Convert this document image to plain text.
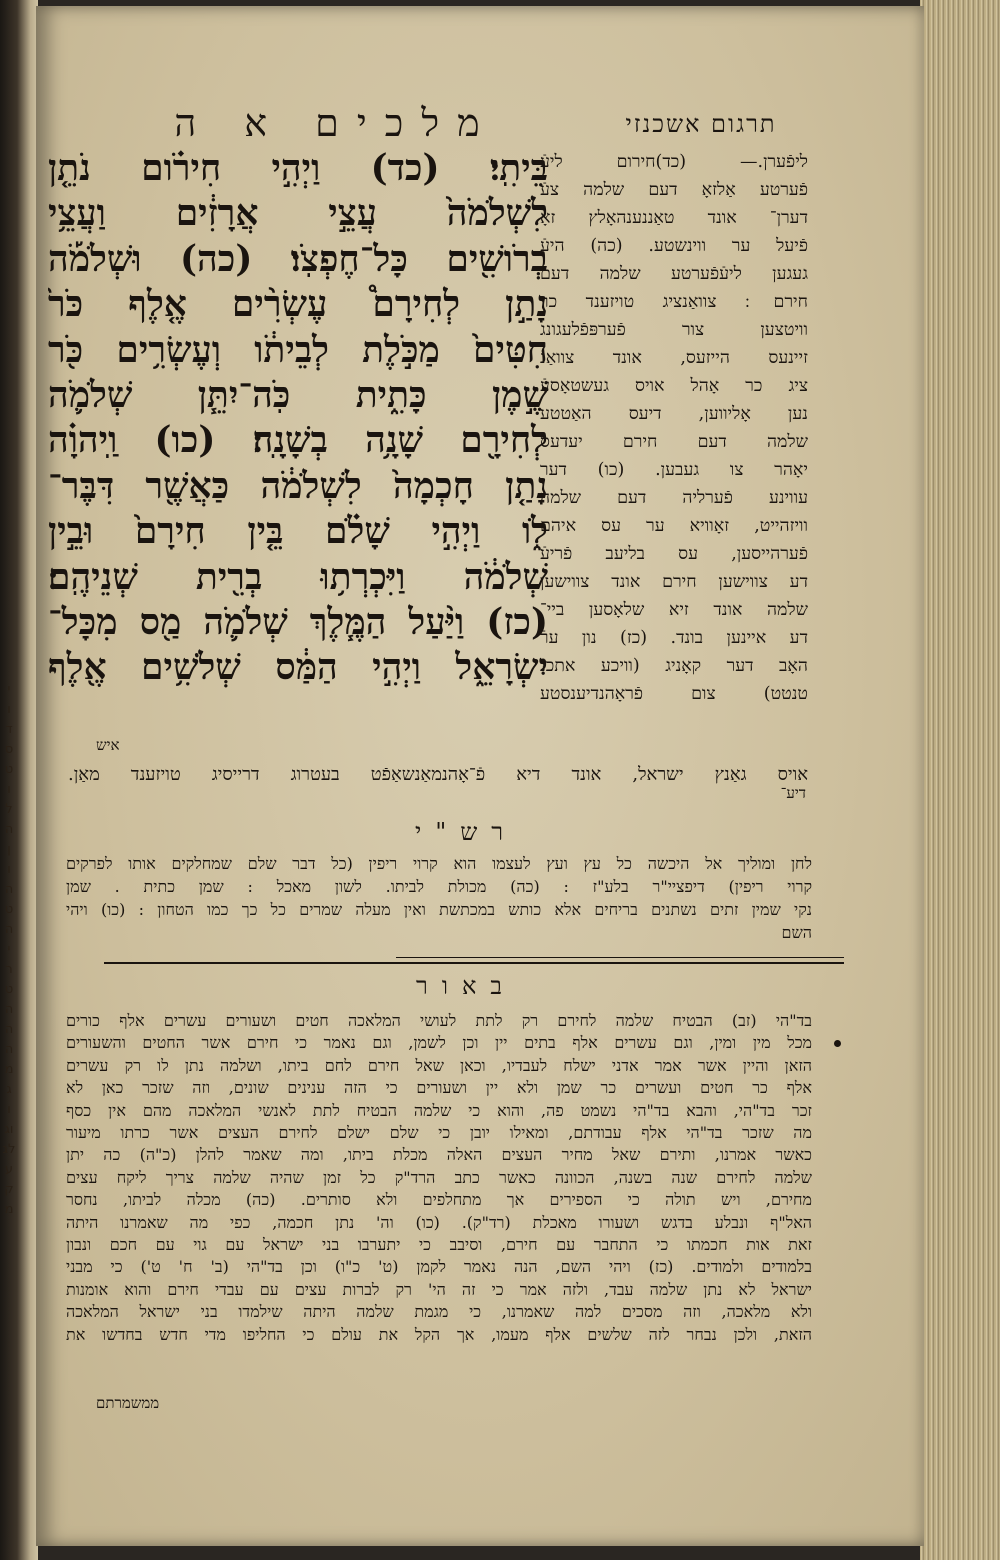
י
ו
ד
ס
ט
ו
ל
ה
ן
ו
ה
ט
ה
י
ר
ט
ה
ה
ה
מ
ג
ו
וג
לג
ע
ק
מ
מלכים א ה	תרגום אשכנזי
בֵּיתִֽי׃ (כד) וַיְהִ֣י חִירֹ֗ום נֹתֵ֤ן
לִשְׁלֹמֹה֙ עֲצֵ֣י אֲרָזִ֔ים וַעֲצֵ֥י
בְרֹושִׁ֖ים כָּל־חֶפְצֹֽו׃ (כה) וּשְׁלֹמֹ֡ה
נָתַ֣ן לְחִירָם֩ עֶשְׂרִ֨ים אֶ֤לֶף כֹּר֙
חִטִּים֙ מַכֹּ֣לֶת לְבֵיתֹ֔ו וְעֶשְׂרִ֥ים כֹּ֖ר
שֶׁ֣מֶן כָּתִ֑ית כֹּֽה־יִתֵּ֧ן שְׁלֹמֹ֛ה
לְחִירָ֖ם שָׁנָ֥ה בְשָׁנָֽה׃ (כו) וַֽיהוָ֗ה
נָתַ֤ן חָכְמָה֙ לִשְׁלֹמֹ֔ה כַּאֲשֶׁ֖ר דִּבֶּר־
לֹ֑ו וַיְהִ֣י שָׁלֹ֗ם בֵּ֤ין חִירָם֙ וּבֵ֣ין
שְׁלֹמֹ֔ה וַיִּכְרְת֥וּ בְרִ֖ית שְׁנֵיהֶֽם׃
(כז) וַיַּ֨עַל הַמֶּ֧לֶךְ שְׁלֹמֹ֛ה מַ֖ס מִכָּל־
יִשְׂרָאֵ֑ל וַיְהִ֣י הַמַּ֔ס שְׁלֹשִׁ֥ים אֶ֖לֶף
איש
ליפֿערן.— (כד)חירום ליעֿ
פֿערטע אַלזאָ דעם שלמה צעֿ
דערן־ אונד טאַננענהאָלץ זאָ
פֿיעל ער ווינשטע. (כה) היעֿ
געגען ליעֿפֿערטע שלמה דעם
חירם ׃ צוואַנציג טויזענד כר
וויטצען צור פֿערפּפֿלעגונג
זיינעס הייזעס, אונד צוואַנֿ
ציג כר אָהל אויס געשטאָסעֿ
נען אָליווען, דיעס האַטטע
שלמה דעם חירם יעדעס
יאָהר צו געבען. (כו) דער
עווינע פֿערליה דעם שלמה
וויזהייט, זאָוויא ער עס איהם
פֿערהייסען, עס בליעב פֿריעֿ
דע צווישען חירם אונד צווישען
שלמה אונד זיא שלאָסען ביי־
דע איינען בונד. (כז) נון ערֿ
האָב דער קאָניג (וויכע אתכנֿ
טנטט) צום פֿראָהנדיענסטע
אויס גאַנץ ישראל, אונד דיא פֿ־אָהנמאַנשאַפֿט בעטרוג דרייסיג טויזענד מאַן.
דיע־
רש"י
לחן ומוליך אל היכשה כל עץ ועץ לעצמו הוא קרוי ריפין (כל דבר שלם שמחלקים אותו לפרקים
קרוי ריפין) דיפציי"ר בלע"ז : (כה) מכולת לביתו. לשון מאכל : שמן כתית . שמן
נקי שמין זתים נשתנים בריחים אלא כותש במכתשת ואין מעלה שמרים כל כך כמו הטחון : (כו) ויהי
השם
באור
בד"הי (זב) הבטיח שלמה לחירם רק לתת לעושי המלאכה חטים ושעורים עשרים אלף כורים
מכל מין ומין, וגם עשרים אלף בתים יין וכן לשמן, וגם נאמר כי חירם אשר החטים והשעורים
הזאן והיין אשר אמר אדני ישלח לעבדיו, וכאן שאל חירם לחם ביתו, ושלמה נתן לו רק עשרים
אלף כר חטים ועשרים כר שמן ולא יין ושעורים כי הזה ענינים שונים, וזה שזכר כאן לא
זכר בד"הי, והבא בד"הי נשמט פה, והוא כי שלמה הבטיח לתת לאנשי המלאכה מהם אין כסף
מה שזכר בד"הי אלף עבודתם, ומאילו יובן כי שלם ישלם לחירם העצים אשר כרתו מיעור
כאשר אמרנו, ותירם שאל מחיר העצים האלה מכלת ביתו, ומה שאמר להלן (כ"ה) כה יתן
שלמה לחירם שנה בשנה, הכוונה כאשר כתב הרד"ק כל זמן שהיה שלמה צריך ליקח עצים
מחירם, ויש תולה כי הספירים אך מתחלפים ולא סותרים. (כה) מכלה לביתו, נחסר
האל"ף ונבלע בדגש ושעורו מאכלת (רד"ק). (כו) וה' נתן חכמה, כפי מה שאמרנו היתה
זאת אות חכמתו כי התחבר עם חירם, וסיבב כי יתערבו בני ישראל עם גוי עם חכם ונבון
בלמודים ולמודים. (כז) ויהי השם, הנה נאמר לקמן (ט' כ"ו) וכן בד"הי (ב' ח' ט') כי מבני
ישראל לא נתן שלמה עבד, ולזה אמר כי זה הי' רק לברות עצים עם עבדי חירם והוא אומנות
ולא מלאכה, וזה מסכים למה שאמרנו, כי מגמת שלמה היתה שילמדו בני ישראל המלאכה
הזאת, ולכן נבחר לזה שלשים אלף מעמו, אך הקל את עולם כי החליפו מדי חדש בחדשו את
ממשמרתם
